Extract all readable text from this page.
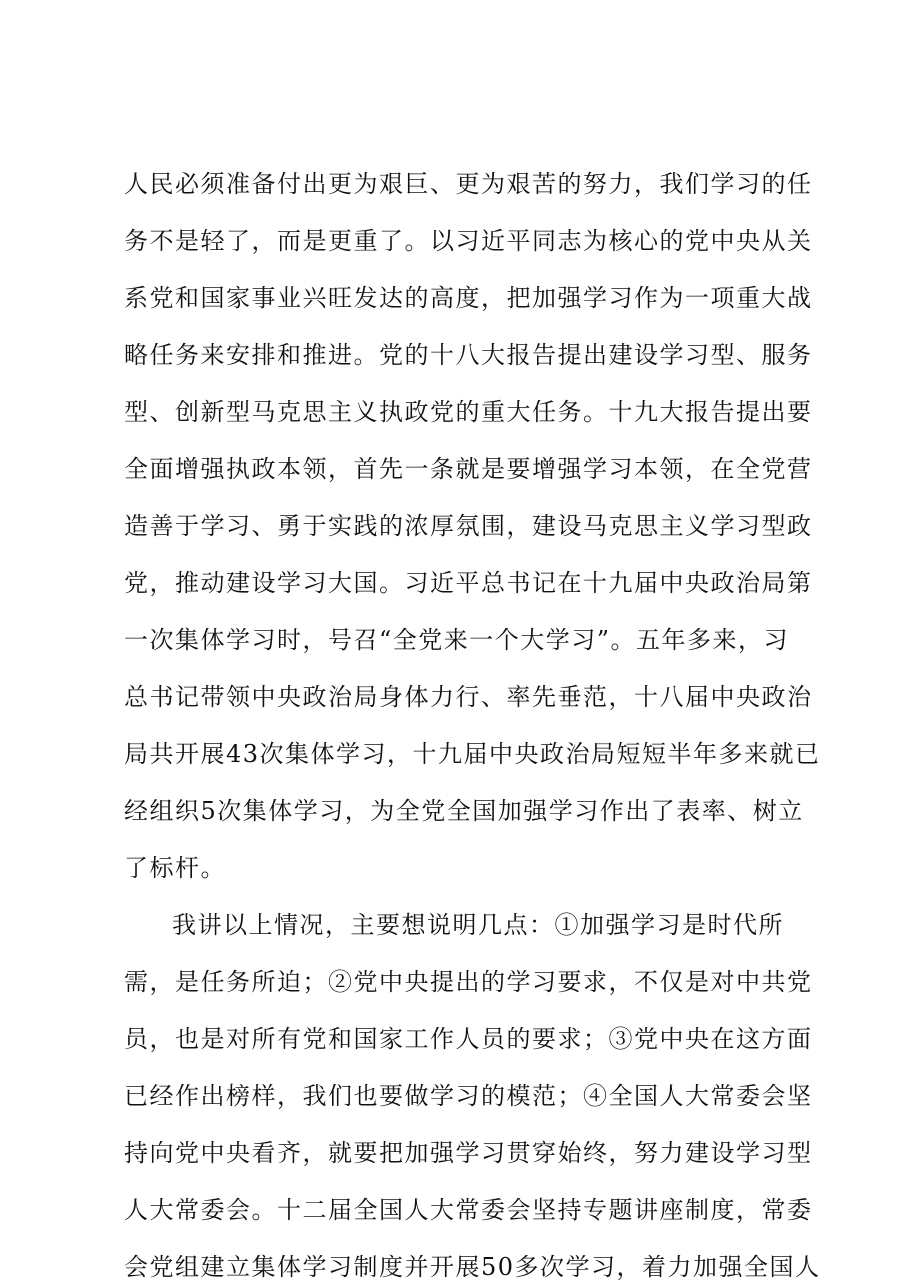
人民必须准备付出更为艰巨、更为艰苦的努力，我们学习的任
务不是轻了，而是更重了。以习近平同志为核心的党中央从关
系党和国家事业兴旺发达的高度，把加强学习作为一项重大战
略任务来安排和推进。党的十八大报告提出建设学习型、服务
型、创新型马克思主义执政党的重大任务。十九大报告提出要
全面增强执政本领，首先一条就是要增强学习本领，在全党营
造善于学习、勇于实践的浓厚氛围，建设马克思主义学习型政
党，推动建设学习大国。习近平总书记在十九届中央政治局第
一次集体学习时，号召“全党来一个大学习”。五年多来，习
总书记带领中央政治局身体力行、率先垂范，十八届中央政治
局共开展43次集体学习，十九届中央政治局短短半年多来就已
经组织5次集体学习，为全党全国加强学习作出了表率、树立
了标杆。
我讲以上情况，主要想说明几点：①加强学习是时代所
需，是任务所迫；②党中央提出的学习要求，不仅是对中共党
员，也是对所有党和国家工作人员的要求；③党中央在这方面
已经作出榜样，我们也要做学习的模范；④全国人大常委会坚
持向党中央看齐，就要把加强学习贯穿始终，努力建设学习型
人大常委会。十二届全国人大常委会坚持专题讲座制度，常委
会党组建立集体学习制度并开展50多次学习，着力加强全国人
